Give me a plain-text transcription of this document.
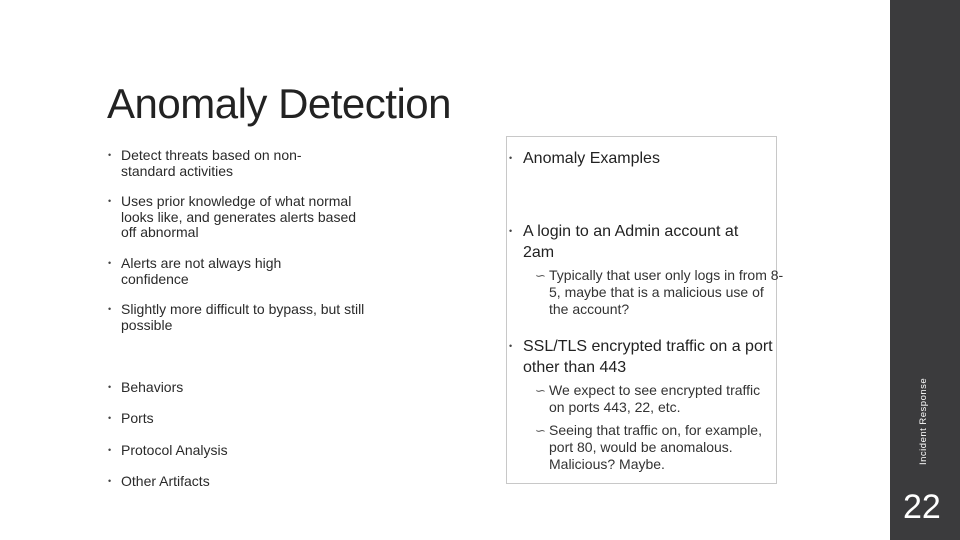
Anomaly Detection
• Detect threats based on non-standard activities
• Uses prior knowledge of what normal looks like, and generates alerts based off abnormal
• Alerts are not always high confidence
• Slightly more difficult to bypass, but still possible
• Behaviors
• Ports
• Protocol Analysis
• Other Artifacts
• Anomaly Examples
• A login to an Admin account at 2am
∽ Typically that user only logs in from 8-5, maybe that is a malicious use of the account?
• SSL/TLS encrypted traffic on a port other than 443
∽ We expect to see encrypted traffic on ports 443, 22, etc.
∽ Seeing that traffic on, for example, port 80, would be anomalous. Malicious? Maybe.
22
